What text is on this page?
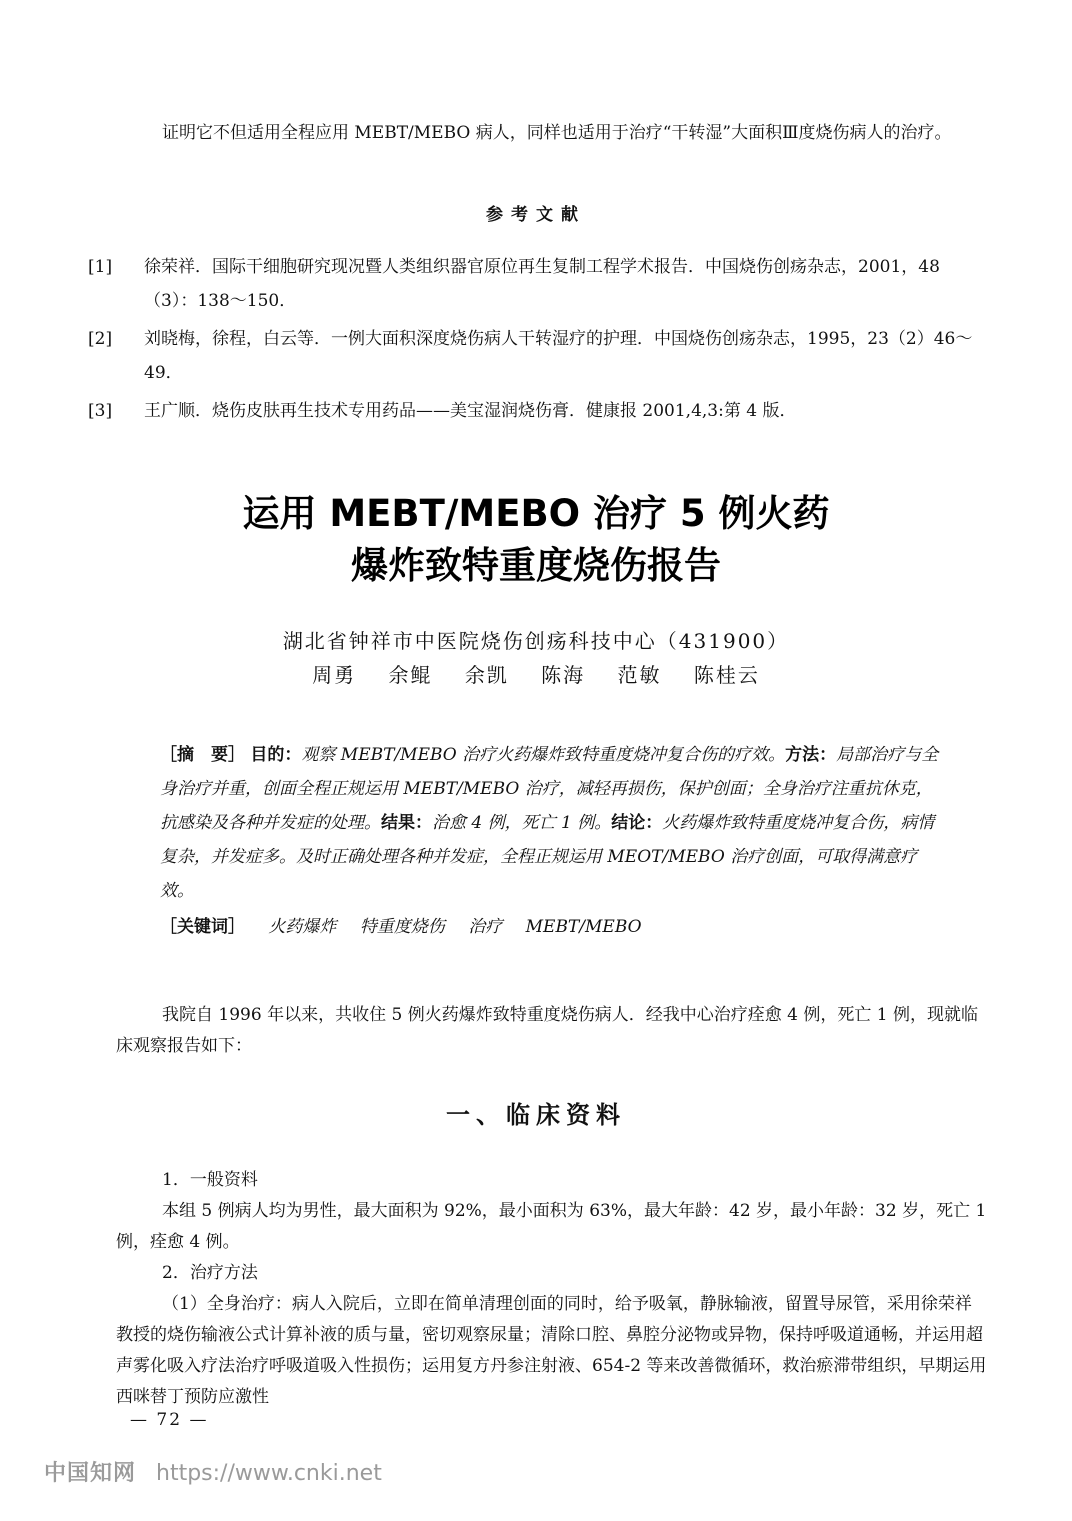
证明它不但适用全程应用 MEBT/MEBO 病人，同样也适用于治疗“干转湿”大面积Ⅲ度烧伤病人的治疗。
参考文献
[1] 徐荣祥．国际干细胞研究现况暨人类组织器官原位再生复制工程学术报告．中国烧伤创疡杂志，2001，48（3）：138～150．
[2] 刘晓梅，徐程，白云等．一例大面积深度烧伤病人干转湿疗的护理．中国烧伤创疡杂志，1995，23（2）46～49．
[3] 王广顺．烧伤皮肤再生技术专用药品——美宝湿润烧伤膏．健康报 2001,4,3:第 4 版．
运用 MEBT/MEBO 治疗 5 例火药
爆炸致特重度烧伤报告
湖北省钟祥市中医院烧伤创疡科技中心（431900）
周勇 余鲲 余凯 陈海 范敏 陈桂云
［摘　要］ 目的：观察 MEBT/MEBO 治疗火药爆炸致特重度烧冲复合伤的疗效。方法：局部治疗与全身治疗并重，创面全程正规运用 MEBT/MEBO 治疗，减轻再损伤，保护创面；全身治疗注重抗休克，抗感染及各种并发症的处理。结果：治愈 4 例，死亡 1 例。结论：火药爆炸致特重度烧冲复合伤，病情复杂，并发症多。及时正确处理各种并发症，全程正规运用 MEOT/MEBO 治疗创面，可取得满意疗效。
［关键词］ 火药爆炸 特重度烧伤 治疗 MEBT/MEBO
我院自 1996 年以来，共收住 5 例火药爆炸致特重度烧伤病人．经我中心治疗痊愈 4 例，死亡 1 例，现就临床观察报告如下：
一、临床资料
1．一般资料
本组 5 例病人均为男性，最大面积为 92%，最小面积为 63%，最大年龄：42 岁，最小年龄：32 岁，死亡 1 例，痊愈 4 例。
2．治疗方法
（1）全身治疗：病人入院后，立即在简单清理创面的同时，给予吸氧，静脉输液，留置导尿管，采用徐荣祥教授的烧伤输液公式计算补液的质与量，密切观察尿量；清除口腔、鼻腔分泌物或异物，保持呼吸道通畅，并运用超声雾化吸入疗法治疗呼吸道吸入性损伤；运用复方丹参注射液、654-2 等来改善微循环，救治瘀滞带组织，早期运用西咪替丁预防应激性
— 72 —
中国知网 https://www.cnki.net
